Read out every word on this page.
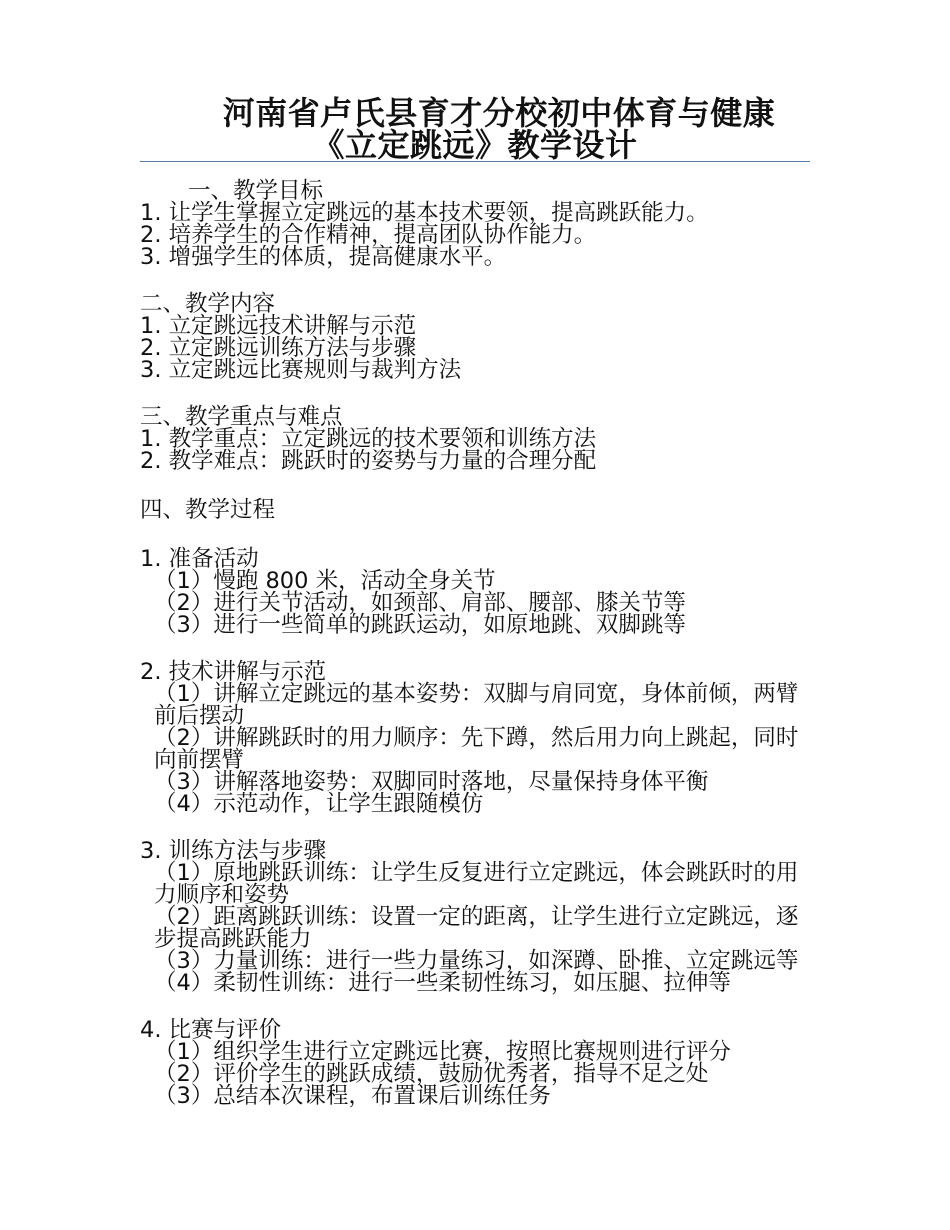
河南省卢氏县育才分校初中体育与健康
《立定跳远》教学设计

一、教学目标

1. 让学生掌握立定跳远的基本技术要领，提高跳跃能力。

2. 培养学生的合作精神，提高团队协作能力。

3. 增强学生的体质，提高健康水平。

二、教学内容

1. 立定跳远技术讲解与示范

2. 立定跳远训练方法与步骤

3. 立定跳远比赛规则与裁判方法

三、教学重点与难点

1. 教学重点：立定跳远的技术要领和训练方法

2. 教学难点：跳跃时的姿势与力量的合理分配

四、教学过程

1. 准备活动

（1）慢跑 800 米，活动全身关节

（2）进行关节活动，如颈部、肩部、腰部、膝关节等

（3）进行一些简单的跳跃运动，如原地跳、双脚跳等

2. 技术讲解与示范

（1）讲解立定跳远的基本姿势：双脚与肩同宽，身体前倾，两臂前后摆动

（2）讲解跳跃时的用力顺序：先下蹲，然后用力向上跳起，同时向前摆臂

（3）讲解落地姿势：双脚同时落地，尽量保持身体平衡

（4）示范动作，让学生跟随模仿

3. 训练方法与步骤

（1）原地跳跃训练：让学生反复进行立定跳远，体会跳跃时的用力顺序和姿势

（2）距离跳跃训练：设置一定的距离，让学生进行立定跳远，逐步提高跳跃能力

（3）力量训练：进行一些力量练习，如深蹲、卧推、立定跳远等

（4）柔韧性训练：进行一些柔韧性练习，如压腿、拉伸等

4. 比赛与评价

（1）组织学生进行立定跳远比赛，按照比赛规则进行评分

（2）评价学生的跳跃成绩，鼓励优秀者，指导不足之处

（3）总结本次课程，布置课后训练任务
